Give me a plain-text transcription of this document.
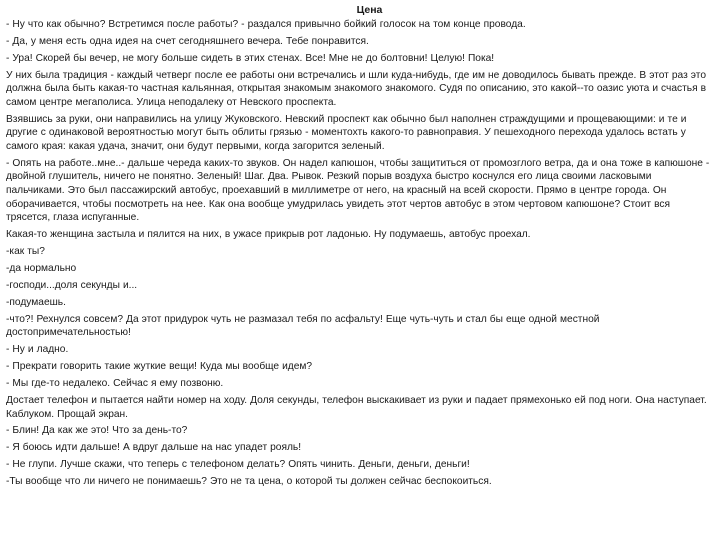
Цена

- Ну что как обычно? Встретимся после работы? - раздался привычно бойкий голосок на том конце провода.

- Да, у меня есть одна идея на счет сегодняшнего вечера. Тебе понравится.

- Ура! Скорей бы вечер, не могу больше сидеть в этих стенах. Все! Мне не до болтовни! Целую! Пока!

У них была традиция - каждый четверг после ее работы они встречались и шли куда-нибудь, где им не доводилось бывать прежде. В этот раз это должна была быть какая-то частная кальянная, открытая знакомым знакомого знакомого. Судя по описанию, это какой--то оазис уюта и счастья в самом центре мегаполиса. Улица неподалеку от Невского проспекта.

Взявшись за руки, они направились на улицу Жуковского. Невский проспект как обычно был наполнен страждущими и прощевающими: и те и другие с одинаковой вероятностью могут быть облиты грязью - моментохть какого-то равноправия. У пешеходного перехода удалось встать у самого края: какая удача, значит, они будут первыми, когда загорится зеленый.

- Опять на работе..мне..- дальше череда каких-то звуков. Он надел капюшон, чтобы защититься от промозглого ветра, да и она тоже в капюшоне - двойной глушитель, ничего не понятно. Зеленый! Шаг. Два. Рывок. Резкий порыв воздуха быстро коснулся его лица своими ласковыми пальчиками. Это был пассажирский автобус, проехавший в миллиметре от него, на красный на всей скорости. Прямо в центре города. Он оборачивается, чтобы посмотреть на нее. Как она вообще умудрилась увидеть этот чертов автобус в этом чертовом капюшоне? Стоит вся трясется, глаза испуганные.

Какая-то женщина застыла и пялится на них, в ужасе прикрыв рот ладонью. Ну подумаешь, автобус проехал.

-как ты?

-да нормально

-господи...доля секунды и...

-подумаешь.

-что?! Рехнулся совсем? Да этот придурок чуть не размазал тебя по асфальту! Еще чуть-чуть и стал бы еще одной местной достопримечательностью!

- Ну и ладно.

- Прекрати говорить такие жуткие вещи! Куда мы вообще идем?

- Мы где-то недалеко. Сейчас я ему позвоню.

Достает телефон и пытается найти номер на ходу. Доля секунды, телефон выскакивает из руки и падает прямехонько ей под ноги. Она наступает. Каблуком. Прощай экран.

- Блин! Да как же это! Что за день-то?

- Я боюсь идти дальше! А вдруг дальше на нас упадет рояль!

- Не глупи. Лучше скажи, что теперь с телефоном делать? Опять чинить. Деньги, деньги, деньги!

-Ты вообще что ли ничего не понимаешь? Это не та цена, о которой ты должен сейчас беспокоиться.
